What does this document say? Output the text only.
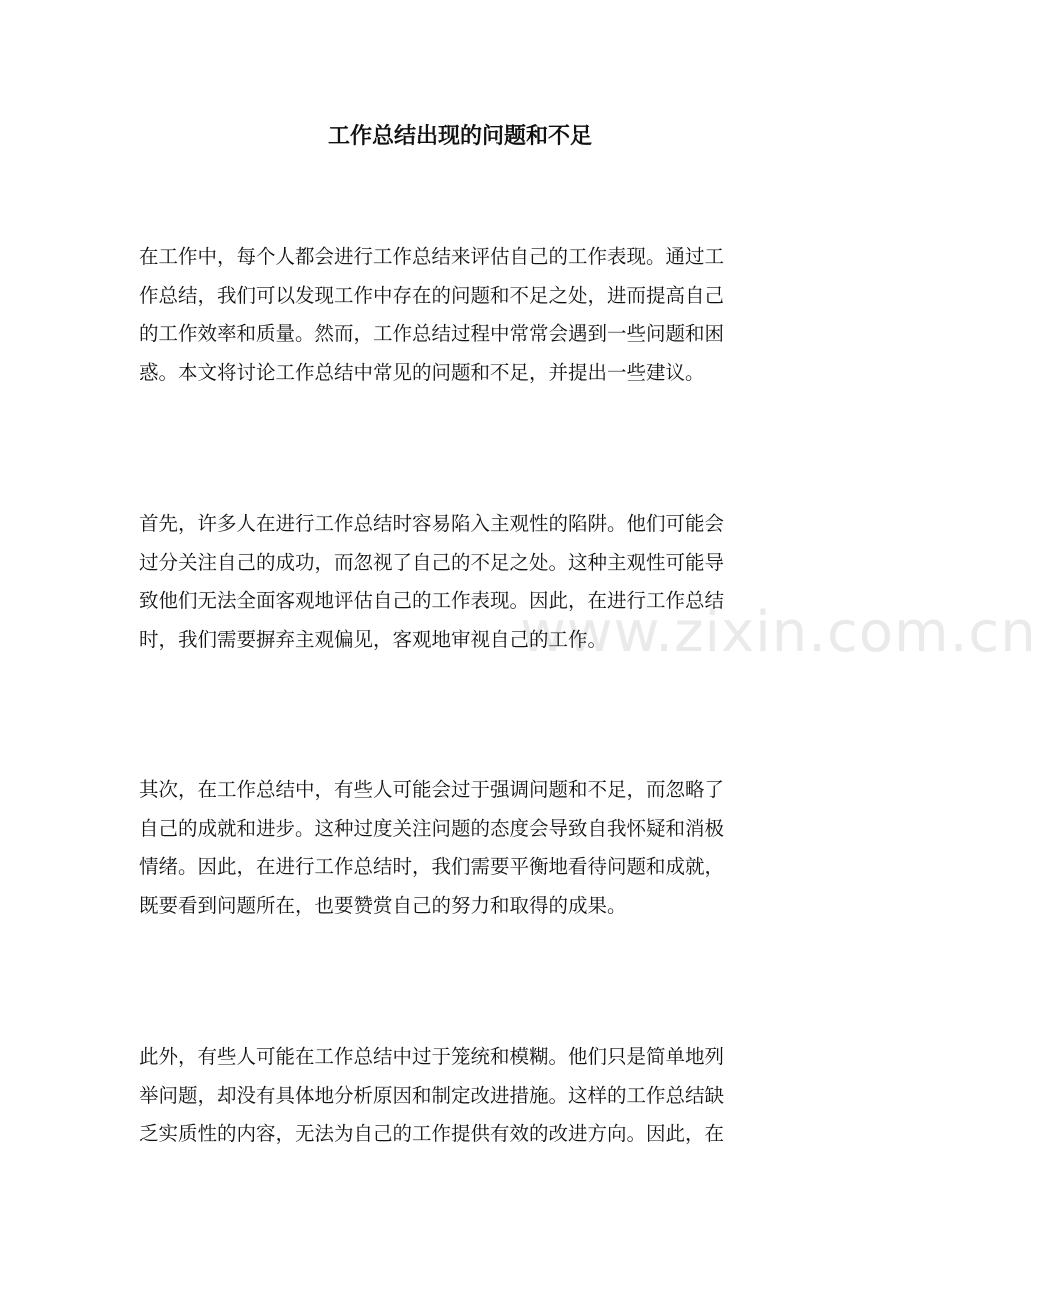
工作总结出现的问题和不足
www.zixin.com.cn

在工作中，每个人都会进行工作总结来评估自己的工作表现。通过工
作总结，我们可以发现工作中存在的问题和不足之处，进而提高自己
的工作效率和质量。然而，工作总结过程中常常会遇到一些问题和困
惑。本文将讨论工作总结中常见的问题和不足，并提出一些建议。

首先，许多人在进行工作总结时容易陷入主观性的陷阱。他们可能会
过分关注自己的成功，而忽视了自己的不足之处。这种主观性可能导
致他们无法全面客观地评估自己的工作表现。因此，在进行工作总结
时，我们需要摒弃主观偏见，客观地审视自己的工作。

其次，在工作总结中，有些人可能会过于强调问题和不足，而忽略了
自己的成就和进步。这种过度关注问题的态度会导致自我怀疑和消极
情绪。因此，在进行工作总结时，我们需要平衡地看待问题和成就，
既要看到问题所在，也要赞赏自己的努力和取得的成果。

此外，有些人可能在工作总结中过于笼统和模糊。他们只是简单地列
举问题，却没有具体地分析原因和制定改进措施。这样的工作总结缺
乏实质性的内容，无法为自己的工作提供有效的改进方向。因此，在
